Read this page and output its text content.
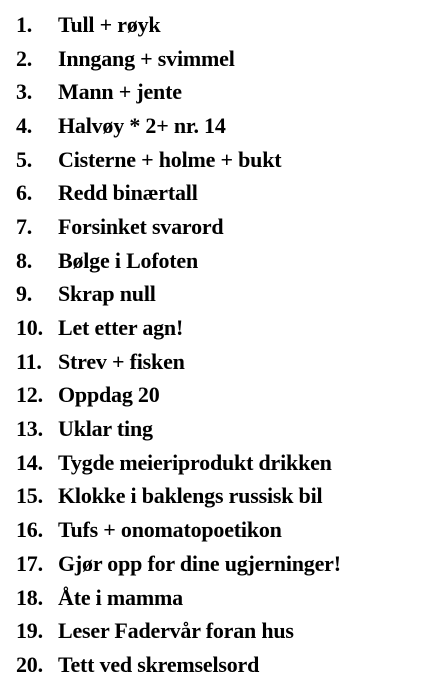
1.	Tull + røyk
2.	Inngang + svimmel
3.	Mann + jente
4.	Halvøy * 2+ nr. 14
5.	Cisterne + holme + bukt
6.	Redd binærtall
7.	Forsinket svarord
8.	Bølge i Lofoten
9.	Skrap null
10. Let etter agn!
11. Strev + fisken
12. Oppdag 20
13. Uklar ting
14. Tygde meieriprodukt drikken
15. Klokke i baklengs russisk bil
16. Tufs + onomatopoetikon
17. Gjør opp for dine ugjerninger!
18. Åte i mamma
19. Leser Fadervår foran hus
20. Tett ved skremselsord
